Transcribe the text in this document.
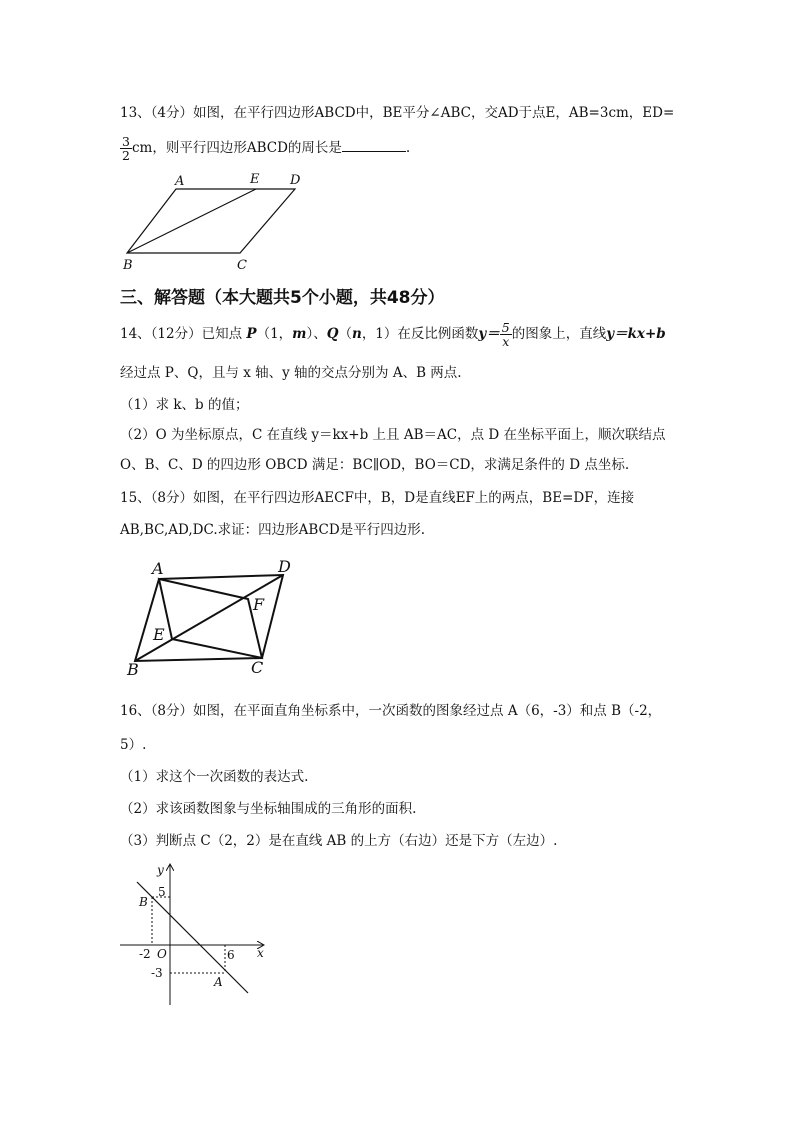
13、（4分）如图，在平行四边形ABCD中，BE平分∠ABC，交AD于点E，AB=3cm，ED=
$\frac{3}{2}$ cm，则平行四边形ABCD的周长是	.
A	E D
B	C
三、解答题（本大题共5个小题，共48分）
14、（12分）已知点 P（1，m）、Q（n，1）在反比例函数$y= \frac{5}{x}$ 的图象上，直线y＝kx+b
经过点 P、Q，且与 x 轴、y 轴的交点分别为 A、B 两点.
（1）求 k、b 的值；
（2）O 为坐标原点，C 在直线 y＝kx+b 上且 AB＝AC，点 D 在坐标平面上，顺次联结点
O、B、C、D 的四边形 OBCD 满足：BC∥OD，BO＝CD，求满足条件的 D 点坐标.
15、（8分）如图，在平行四边形AECF中，B，D是直线EF上的两点，BE=DF，连接
AB,BC,AD,DC.求证：四边形ABCD是平行四边形.
A	D
F
E
B	C
16、（8分）如图，在平面直角坐标系中，一次函数的图象经过点 A（6，-3）和点 B（-2，
5）.
（1）求这个一次函数的表达式.
（2）求该函数图象与坐标轴围成的三角形的面积.
（3）判断点 C（2，2）是在直线 AB 的上方（右边）还是下方（左边）.
y
x
5
B
-2 O	6
-3
A
